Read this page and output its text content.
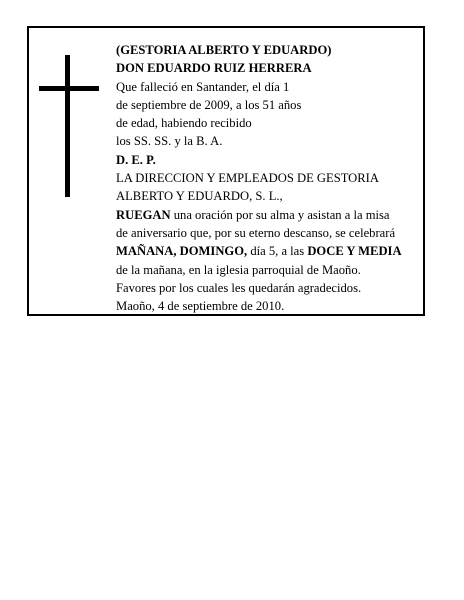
(GESTORIA ALBERTO Y EDUARDO)
DON EDUARDO RUIZ HERRERA
Que falleció en Santander, el día 1
de septiembre de 2009, a los 51 años
de edad, habiendo recibido
los SS. SS. y la B. A.
D. E. P.
LA DIRECCION Y EMPLEADOS DE GESTORIA
ALBERTO Y EDUARDO, S. L.,
RUEGAN una oración por su alma y asistan a la misa
de aniversario que, por su eterno descanso, se celebrará
MAÑANA, DOMINGO, día 5, a las DOCE Y MEDIA
de la mañana, en la iglesia parroquial de Maoño.
Favores por los cuales les quedarán agradecidos.
Maoño, 4 de septiembre de 2010.
